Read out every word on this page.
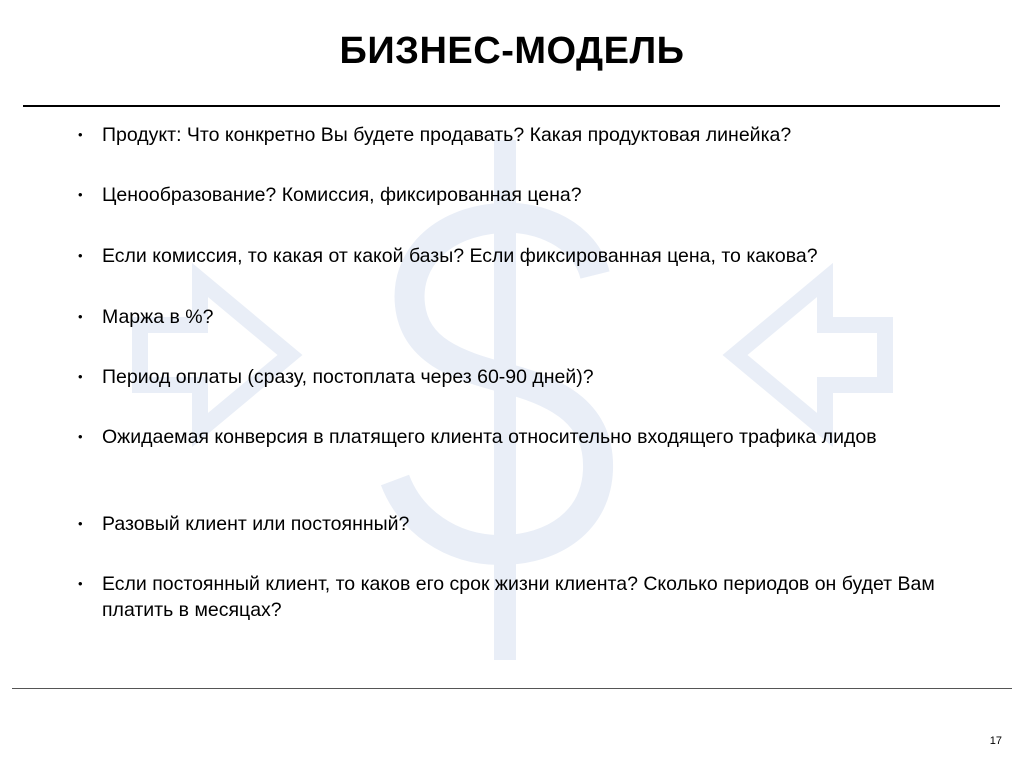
БИЗНЕС-МОДЕЛЬ
• Продукт: Что конкретно Вы будете продавать? Какая продуктовая линейка?
• Ценообразование? Комиссия, фиксированная цена?
• Если комиссия, то какая от какой базы? Если фиксированная цена, то какова?
• Маржа в %?
• Период оплаты (сразу, постоплата через 60-90 дней)?
• Ожидаемая конверсия в платящего клиента относительно входящего трафика лидов
• Разовый клиент или постоянный?
• Если постоянный клиент, то каков его срок жизни клиента? Сколько периодов он будет Вам платить в месяцах?
17
